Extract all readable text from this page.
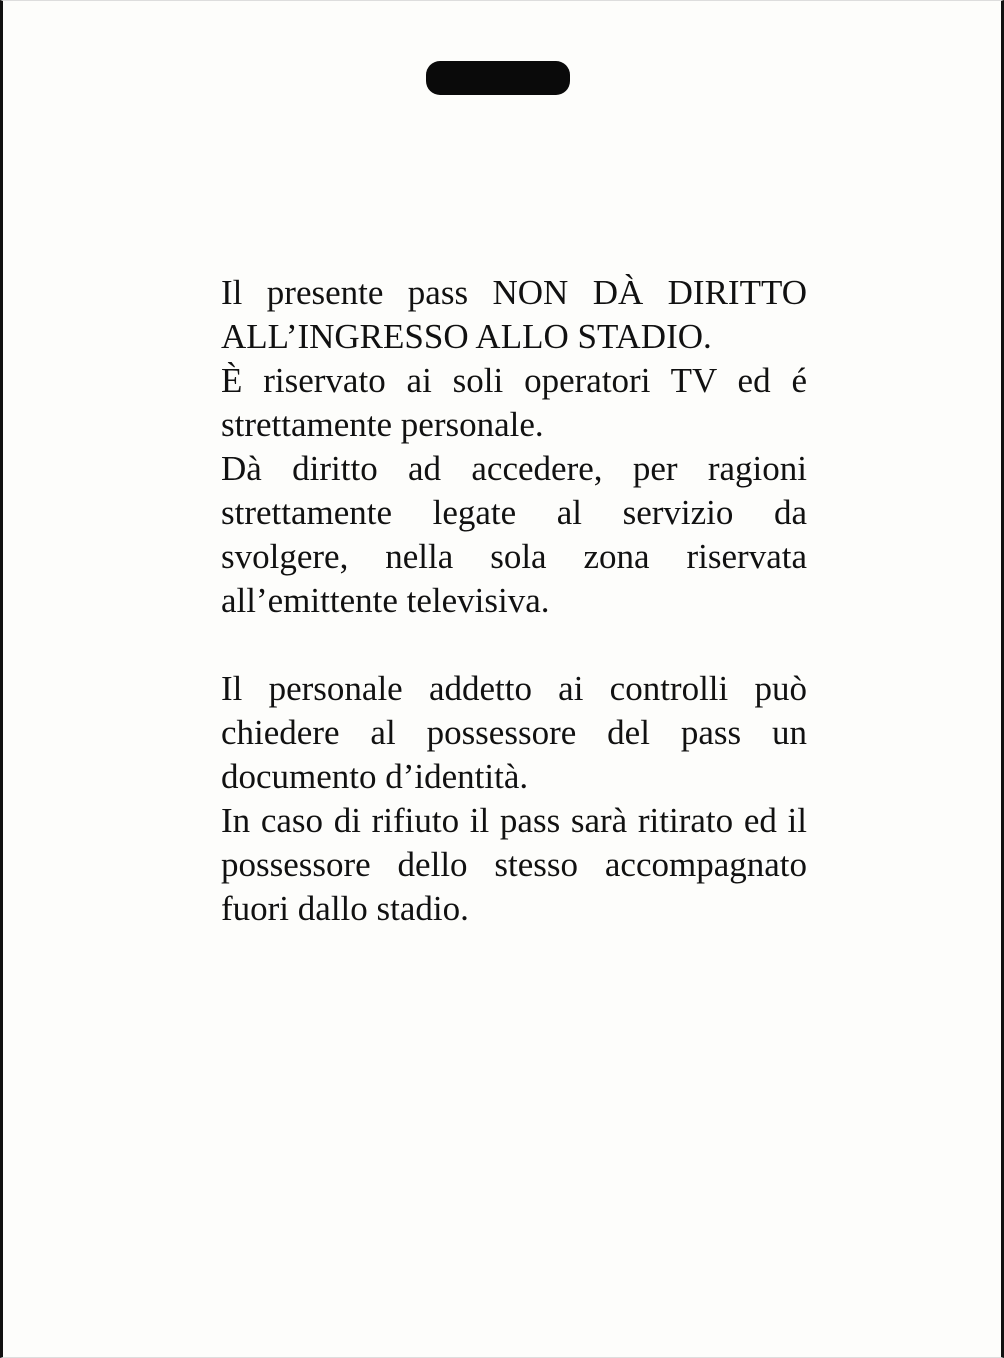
Il presente pass NON DÀ DIRITTO ALL’INGRESSO ALLO STADIO.

È riservato ai soli operatori TV ed é strettamente personale.

Dà diritto ad accedere, per ragioni strettamente legate al servizio da svolgere, nella sola zona riservata all’emittente televisiva.

Il personale addetto ai controlli può chiedere al possessore del pass un documento d’identità.

In caso di rifiuto il pass sarà ritirato ed il possessore dello stesso accompagnato fuori dallo stadio.
